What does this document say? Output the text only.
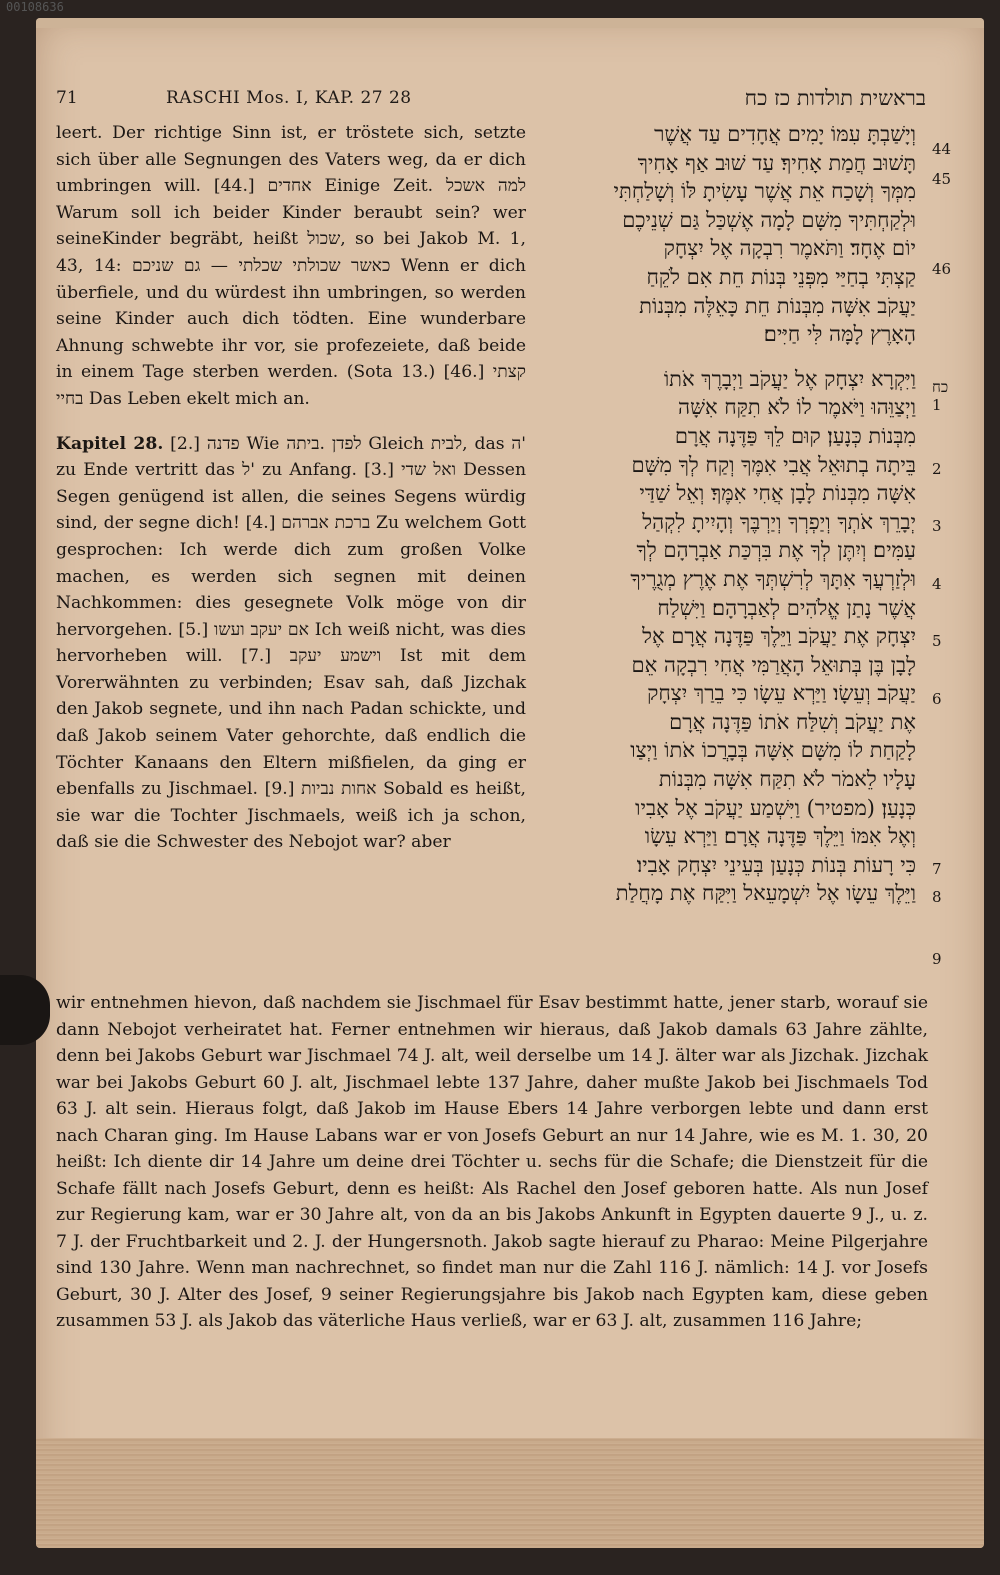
00108636
71	RASCHI Mos. I, KAP. 27 28	בראשית תולדות כז כח

leert. Der richtige Sinn ist, er tröstete sich, setzte sich über alle Segnungen des Vaters weg, da er dich umbringen will. [44.] אחדים Einige Zeit. למה אשכל Warum soll ich beider Kinder beraubt sein? wer seineKinder begräbt, heißt שכול, so bei Jakob M. 1, 43, 14: כאשר שכולתי שכלתי — גם שניכם Wenn er dich überfiele, und du würdest ihn umbringen, so werden seine Kinder auch dich tödten. Eine wunderbare Ahnung schwebte ihr vor, sie profezeiete, daß beide in einem Tage sterben werden. (Sota 13.) [46.] קצתי בחיי Das Leben ekelt mich an.

Kapitel 28. [2.] פדנה Wie לפדן .ביתה Gleich לבית, das ה' zu Ende vertritt das ל' zu Anfang. [3.] ואל שדי Dessen Segen genügend ist allen, die seines Segens würdig sind, der segne dich! [4.] ברכת אברהם Zu welchem Gott gesprochen: Ich werde dich zum großen Volke machen, es werden sich segnen mit deinen Nachkommen: dies gesegnete Volk möge von dir hervorgehen. [5.] אם יעקב ועשו Ich weiß nicht, was dies hervorheben will. [7.] וישמע יעקב Ist mit dem Vorerwähnten zu verbinden; Esav sah, daß Jizchak den Jakob segnete, und ihn nach Padan schickte, und daß Jakob seinem Vater gehorchte, daß endlich die Töchter Kanaans den Eltern mißfielen, da ging er ebenfalls zu Jischmael. [9.] אחות נביות Sobald es heißt, sie war die Tochter Jischmaels, weiß ich ja schon, daß sie die Schwester des Nebojot war? aber

וְיָשַׁבְתָּ עִמּוֹ יָמִים אֲחָדִים עַד אֲשֶׁר
תָּשׁוּב חֲמַת אָחִיךָ׃ עַד שׁוּב אַף אָחִיךָ
מִמְּךָ וְשָׁכַח אֵת אֲשֶׁר עָשִׂיתָ לּוֹ וְשָׁלַחְתִּי
וּלְקַחְתִּיךָ מִשָּׁם לָמָה אֶשְׁכַּל גַּם שְׁנֵיכֶם
יוֹם אֶחָד׃ וַתֹּאמֶר רִבְקָה אֶל יִצְחָק
קַצְתִּי בְחַיַּי מִפְּנֵי בְּנוֹת חֵת אִם לֹקֵחַ
יַעֲקֹב אִשָּׁה מִבְּנוֹת חֵת כָּאֵלֶּה מִבְּנוֹת
הָאָרֶץ לָמָּה לִּי חַיִּים׃
וַיִּקְרָא יִצְחָק אֶל יַעֲקֹב וַיְבָרֶךְ אֹתוֹ
וַיְצַוֵּהוּ וַיֹּאמֶר לוֹ לֹא תִקַּח אִשָּׁה
מִבְּנוֹת כְּנָעַן׃ קוּם לֵךְ פַּדֶּנָה אֲרָם
בֵּיתָה בְתוּאֵל אֲבִי אִמֶּךָ וְקַח לְךָ מִשָּׁם
אִשָּׁה מִבְּנוֹת לָבָן אֲחִי אִמֶּךָ׃ וְאֵל שַׁדַּי
יְבָרֵךְ אֹתְךָ וְיַפְרְךָ וְיַרְבֶּךָ וְהָיִיתָ לִקְהַל
עַמִּים׃ וְיִתֶּן לְךָ אֶת בִּרְכַּת אַבְרָהָם לְךָ
וּלְזַרְעֲךָ אִתָּךְ לְרִשְׁתְּךָ אֶת אֶרֶץ מְגֻרֶיךָ
אֲשֶׁר נָתַן אֱלֹהִים לְאַבְרָהָם׃ וַיִּשְׁלַח
יִצְחָק אֶת יַעֲקֹב וַיֵּלֶךְ פַּדֶּנָה אֲרָם אֶל
לָבָן בֶּן בְּתוּאֵל הָאֲרַמִּי אֲחִי רִבְקָה אֵם
יַעֲקֹב וְעֵשָׂו׃ וַיַּרְא עֵשָׂו כִּי בֵרַךְ יִצְחָק
אֶת יַעֲקֹב וְשִׁלַּח אֹתוֹ פַּדֶּנָה אֲרָם
לָקַחַת לוֹ מִשָּׁם אִשָּׁה בְּבָרֲכוֹ אֹתוֹ וַיְצַו
עָלָיו לֵאמֹר לֹא תִקַּח אִשָּׁה מִבְּנוֹת
כְּנָעַן׃ (מפטיר) וַיִּשְׁמַע יַעֲקֹב אֶל אָבִיו
וְאֶל אִמּוֹ וַיֵּלֶךְ פַּדֶּנָה אֲרָם׃ וַיַּרְא עֵשָׂו
כִּי רָעוֹת בְּנוֹת כְּנָעַן בְּעֵינֵי יִצְחָק אָבִיו׃
וַיֵּלֶךְ עֵשָׂו אֶל יִשְׁמָעֵאל וַיִּקַּח אֶת מָחֲלַת
44
45
46
כח
1
2
3
4
5
6
7
8
9

wir entnehmen hievon, daß nachdem sie Jischmael für Esav bestimmt hatte, jener starb, worauf sie dann Nebojot verheiratet hat. Ferner entnehmen wir hieraus, daß Jakob damals 63 Jahre zählte, denn bei Jakobs Geburt war Jischmael 74 J. alt, weil derselbe um 14 J. älter war als Jizchak. Jizchak war bei Jakobs Geburt 60 J. alt, Jischmael lebte 137 Jahre, daher mußte Jakob bei Jischmaels Tod 63 J. alt sein. Hieraus folgt, daß Jakob im Hause Ebers 14 Jahre verborgen lebte und dann erst nach Charan ging. Im Hause Labans war er von Josefs Geburt an nur 14 Jahre, wie es M. 1. 30, 20 heißt: Ich diente dir 14 Jahre um deine drei Töchter u. sechs für die Schafe; die Dienstzeit für die Schafe fällt nach Josefs Geburt, denn es heißt: Als Rachel den Josef geboren hatte. Als nun Josef zur Regierung kam, war er 30 Jahre alt, von da an bis Jakobs Ankunft in Egypten dauerte 9 J., u. z. 7 J. der Fruchtbarkeit und 2. J. der Hungersnoth. Jakob sagte hierauf zu Pharao: Meine Pilgerjahre sind 130 Jahre. Wenn man nachrechnet, so findet man nur die Zahl 116 J. nämlich: 14 J. vor Josefs Geburt, 30 J. Alter des Josef, 9 seiner Regierungsjahre bis Jakob nach Egypten kam, diese geben zusammen 53 J. als Jakob das väterliche Haus verließ, war er 63 J. alt, zusammen 116 Jahre;
